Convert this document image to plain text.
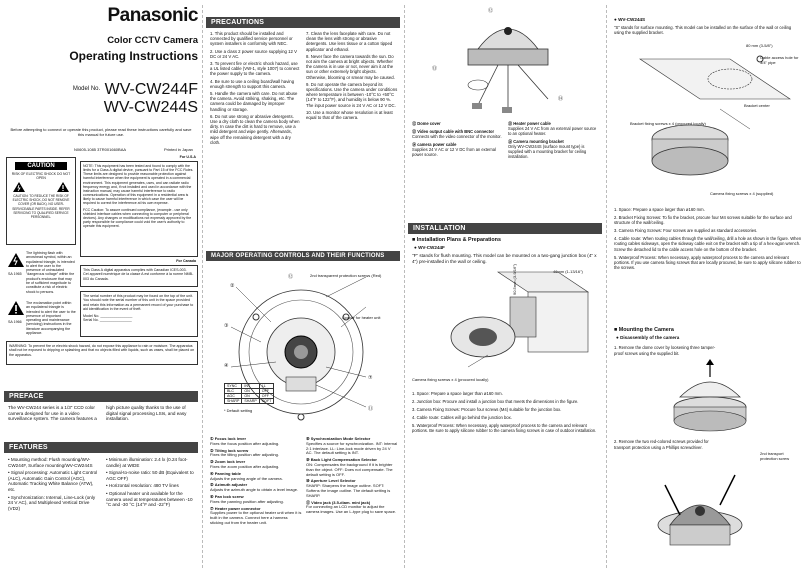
Panasonic
Color CCTV Camera
Operating Instructions
$^{Model No.}$ WV-CW244F
WV-CW244S
Before attempting to connect or operate this product, please read these instructions carefully and save this manual for future use.
N0605-1085 3TR001660BAA	Printed in Japan
CAUTION
RISK OF ELECTRIC SHOCK DO NOT OPEN
CAUTION: TO REDUCE THE RISK OF ELECTRIC SHOCK, DO NOT REMOVE COVER (OR BACK). NO USER-SERVICEABLE PARTS INSIDE. REFER SERVICING TO QUALIFIED SERVICE PERSONNEL.
SA 1965
The lightning flash with arrowhead symbol, within an equilateral triangle, is intended to alert the user to the presence of uninsulated "dangerous voltage" within the product's enclosure that may be of sufficient magnitude to constitute a risk of electric shock to persons.
SA 1966
The exclamation point within an equilateral triangle is intended to alert the user to the presence of important operating and maintenance (servicing) instructions in the literature accompanying the appliance.
For U.S.A
NOTE: This equipment has been tested and found to comply with the limits for a Class A digital device, pursuant to Part 15 of the FCC Rules. These limits are designed to provide reasonable protection against harmful interference when the equipment is operated in a commercial environment. This equipment generates, uses, and can radiate radio frequency energy and, if not installed and used in accordance with the instruction manual, may cause harmful interference to radio communications. Operation of this equipment in a residential area is likely to cause harmful interference in which case the user will be required to correct the interference at his own expense.
FCC Caution: To assure continued compliance, (example - use only shielded interface cables when connecting to computer or peripheral devices). Any changes or modifications not expressly approved by the party responsible for compliance could void the user's authority to operate this equipment.
For Canada
This Class A digital apparatus complies with Canadian ICES-003.
Cet appareil numérique de la classe A est conforme à la norme NMB-003 du Canada.
The serial number of this product may be found on the top of the unit. You should note the serial number of this unit in the space provided and retain this information as a permanent record of your purchase to aid identification in the event of theft.
Model No. ________________
Serial No. ________________
WARNING: To prevent fire or electric shock hazard, do not expose this appliance to rain or moisture. The apparatus shall not be exposed to dripping or splashing and that no objects filled with liquids, such as vases, shall be placed on the apparatus.
PREFACE
The WV-CW244 series is a 1/3" CCD color camera designed for use in a video surveillance system. The camera features a high picture quality thanks to the use of digital signal processing LSIs, and easy installation.
FEATURES
• Mounting method: Flush mounting/WV-CW244F, Surface mounting/WV-CW244S
• Signal processing: Automatic Light Control (ALC), Automatic Gain Control (AGC), Automatic Tracking White Balance (ATW), etc.
• Synchronization: Internal, Line-Lock (only 24 V AC), and Multiplexed Vertical Drive (VD2)
• Minimum illumination: 2.4 lx (0.24 foot-candle) at WIDE
• Signal-to-noise ratio: 50 dB (Equivalent to AGC OFF)
• Horizontal resolution: 480 TV lines
• Optional heater unit available for the camera used at temperatures between -10 °C and -30 °C (14°F and -22°F)
PRECAUTIONS
1. This product should be installed and connected by qualified service personnel or system installers in conformity with NEC.
2. Use a class 2 power source supplying 12 V DC or 24 V AC.
3. To prevent fire or electric shock hazard, use a UL listed cable (VW-1, style 1007) to connect the power supply to the camera.
4. Be sure to use a ceiling board/wall having enough strength to support this camera.
5. Handle the camera with care. Do not abuse the camera. Avoid striking, shaking, etc. The camera could be damaged by improper handling or storage.
6. Do not use strong or abrasive detergents. Use a dry cloth to clean the camera body when dirty. In case the dirt is hard to remove, use a mild detergent and wipe gently. Afterwards, wipe off the remaining detergent with a dry cloth.
7. Clean the lens faceplate with care. Do not clean the lens with strong or abrasive detergents. Use lens tissue or a cotton tipped applicator and ethanol.
8. Never face the camera towards the sun. Do not aim the camera at bright objects. Whether the camera is in use or not, never aim it at the sun or other extremely bright objects. Otherwise, blooming or smear may be caused.
9. Do not operate the camera beyond its specifications. Use the camera under conditions where temperature is between -10°C to +50°C (14°F to 122°F), and humidity is below 90 %. The input power source is 24 V AC or 12 V DC.
10. Use a monitor whose resolution is at least equal to that of the camera.
MAJOR OPERATING CONTROLS AND THEIR FUNCTIONS
2nd transparent protection screws (Red)
Spacer for heater unit
⑫
②
③
④
⑦
⑪
SYNC	INT	LL
BLC	ON	OFF
AGC	ON	OFF
SHARP	SHARP	SOFT
* Default setting
① Focus lock lever
Fixes the focus position after adjusting.
② Tilting lock screw
Fixes the tilting position after adjusting.
③ Zoom lock lever
Fixes the zoom position after adjusting.
④ Panning table
Adjusts the panning angle of the camera.
⑤ Azimuth adjuster
Adjusts the azimuth angle to obtain a level image.
⑥ Pan lock screw
Fixes the panning position after adjusting.
⑦ Heater power connector
Supplies power to the optional heater unit when it is built in the camera. Connect here a harness sticking out from the heater unit.
⑧ Synchronization Mode Selector
Specifies a source for synchronization. INT: Internal 2:1 interlace. LL: Line-lock mode driven by 24 V AC. The default setting is INT.
⑨ Back Light Compensation Selector
ON: Compensates the background if it is brighter than the object. OFF: Does not compensate. The default setting is OFF.
⑩ Aperture Level Selector
SHARP: Sharpens the image outline. SOFT: Softens the image outline. The default setting is SHARP.
⑪ Video jack (3.5-diam. mini jack)
For connecting an LCD monitor to adjust the camera images. Use an L-type plug to save space.
⑫
⑬
⑭
⑫ Dome cover
⑬ Video output cable with BNC connector
Connects with the video connector of the monitor.
⑭ camera power cable
Supplies 24 V AC or 12 V DC from an external power source.
⑮ Heater power cable
Supplies 24 V AC from an external power source to an optional heater.
⑯ Camera mounting bracket
Only WV-CW244S (surface mount type) is supplied with a mounting bracket for ceiling installation.
INSTALLATION
■ Installation Plans & Preparations
● WV-CW244F
"F" stands for flush mounting. This model can be mounted on a two-gang junction box (4" x 4") pre-installed in the wall or ceiling.
46mm (1-13/16")
90.5mm (3-9/16")
Camera fixing screws x 4 (procured locally)
1. Space: Prepare a space larger than ø160 mm.
2. Junction box: Procure and install a junction box that meets the dimensions in the figure.
3. Camera Fixing Screws: Procure four screws (M4) suitable for the junction box.
4. Cable route: Cables will go behind the junction box.
5. Waterproof Process: When necessary, apply waterproof process to the camera and relevant portions. Be sure to apply silicone rubber to the camera fixing screws in case of outdoor installation.
● WV-CW244S
"S" stands for surface mounting. This model can be installed on the surface of the wall or ceiling using the supplied bracket.
80 mm (3-5/8")
Cable access hole for 3/4" pipe
Bracket center
Bracket fixing screws x 4 (procured locally)
Camera fixing screws x 4 (supplied)
1. Space: Prepare a space larger than ø160 mm.
2. Bracket Fixing Screws: To fix the bracket, procure four M4 screws suitable for the surface and structure of the wall/ceiling.
3. Camera Fixing Screws: Four screws are supplied as standard accessories.
4. Cable route: When routing cables through the wall/ceiling, drill a hole as shown in the figure. When routing cables sideways, open the sideway cable exit on the bracket with a tip of a hex-agon wrench. Screw the detached lid to the cable access hole on the bottom of the bracket.
5. Waterproof Process: When necessary, apply waterproof process to the camera and relevant portions. If you use camera fixing screws that are locally procured, be sure to apply silicone rubber to the screws.
■ Mounting the Camera
● Disassembly of the camera
1. Remove the dome cover by loosening three tamper-proof screws using the supplied bit.
2. Remove the two red-colored screws provided for transport protection using a Phillips screwdriver.
2nd transport protection screw
